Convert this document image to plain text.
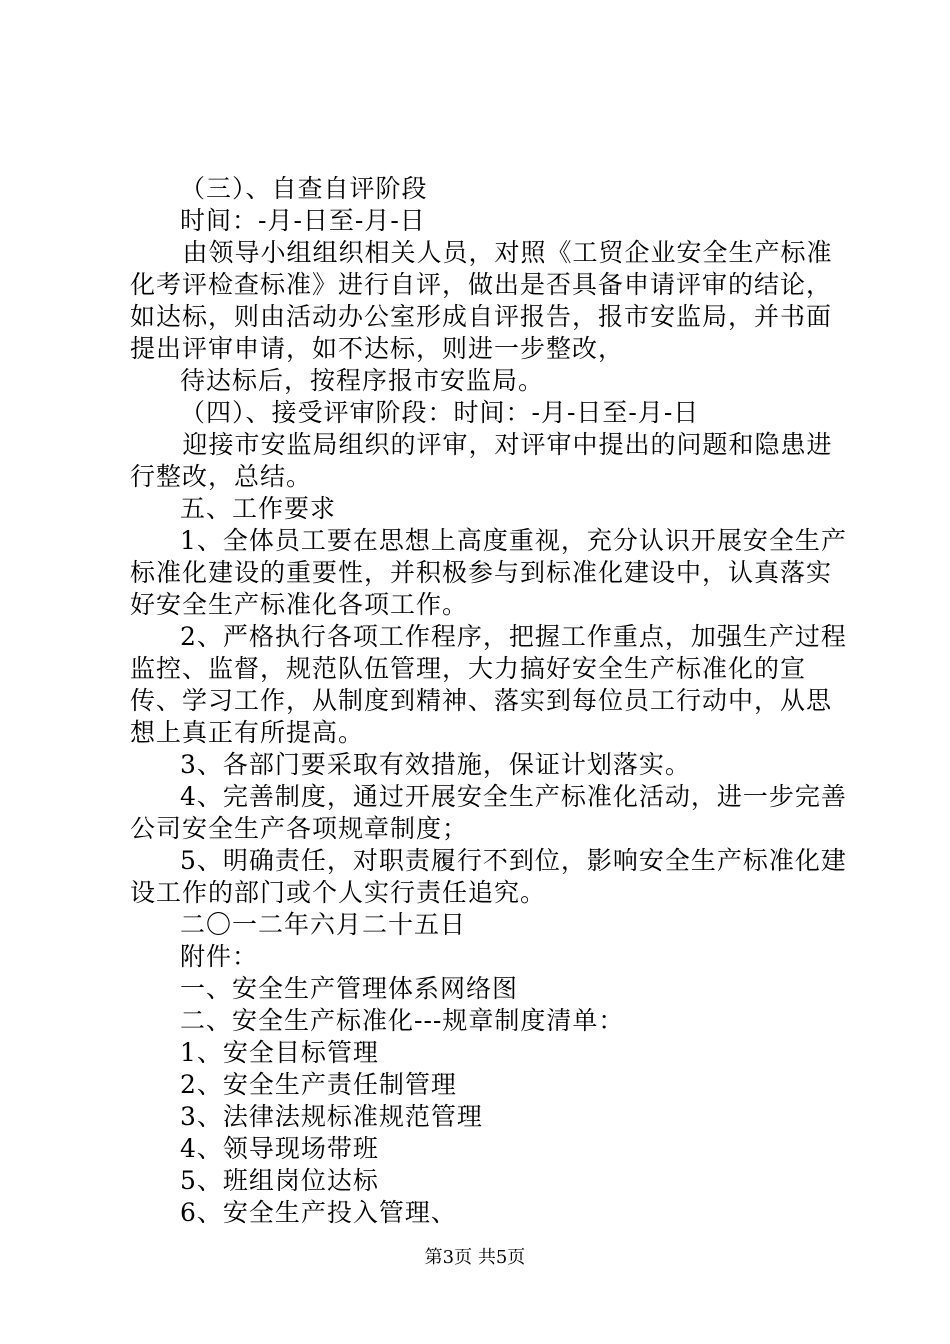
（三）、自查自评阶段

时间：-月-日至-月-日

由领导小组组织相关人员，对照《工贸企业安全生产标准化考评检查标准》进行自评，做出是否具备申请评审的结论，如达标，则由活动办公室形成自评报告，报市安监局，并书面提出评审申请，如不达标，则进一步整改，

待达标后，按程序报市安监局。

（四）、接受评审阶段：时间：-月-日至-月-日

迎接市安监局组织的评审，对评审中提出的问题和隐患进行整改，总结。

五、工作要求

1、全体员工要在思想上高度重视，充分认识开展安全生产标准化建设的重要性，并积极参与到标准化建设中，认真落实好安全生产标准化各项工作。

2、严格执行各项工作程序，把握工作重点，加强生产过程监控、监督，规范队伍管理，大力搞好安全生产标准化的宣传、学习工作，从制度到精神、落实到每位员工行动中，从思想上真正有所提高。

3、各部门要采取有效措施，保证计划落实。

4、完善制度，通过开展安全生产标准化活动，进一步完善公司安全生产各项规章制度；

5、明确责任，对职责履行不到位，影响安全生产标准化建设工作的部门或个人实行责任追究。

二〇一二年六月二十五日

附件：

一、安全生产管理体系网络图

二、安全生产标准化---规章制度清单：

1、安全目标管理

2、安全生产责任制管理

3、法律法规标准规范管理

4、领导现场带班

5、班组岗位达标

6、安全生产投入管理、

第3页 共5页
